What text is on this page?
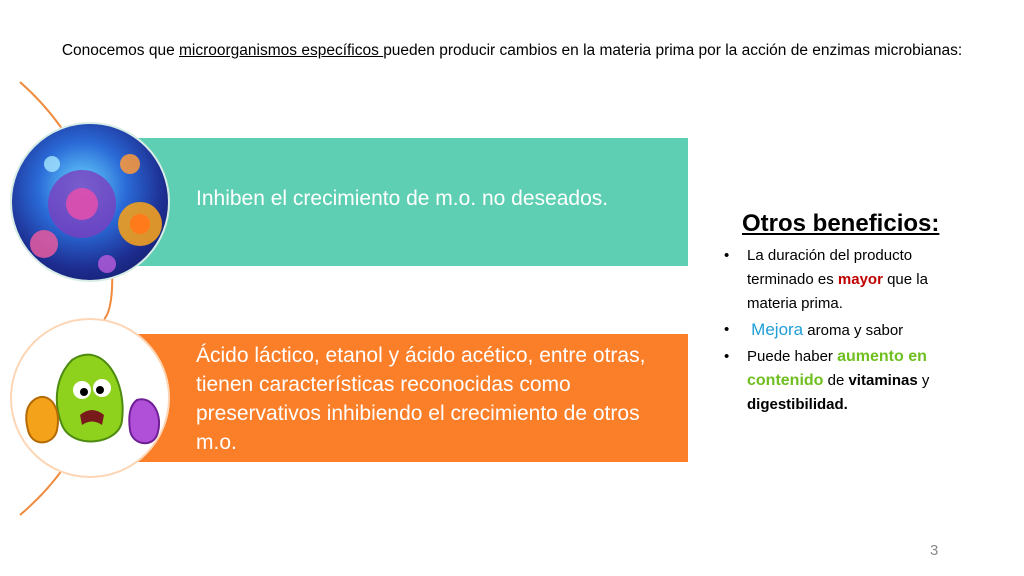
Conocemos que microorganismos específicos pueden producir cambios en la materia prima por la acción de enzimas microbianas:
Inhiben el crecimiento de m.o. no deseados.
Ácido láctico, etanol y ácido acético, entre otras, tienen características reconocidas como preservativos inhibiendo el crecimiento de otros m.o.
Otros beneficios:
• La duración del producto terminado es mayor que la materia prima.
• Mejora aroma y sabor
• Puede haber aumento en contenido de vitaminas y digestibilidad.
3
